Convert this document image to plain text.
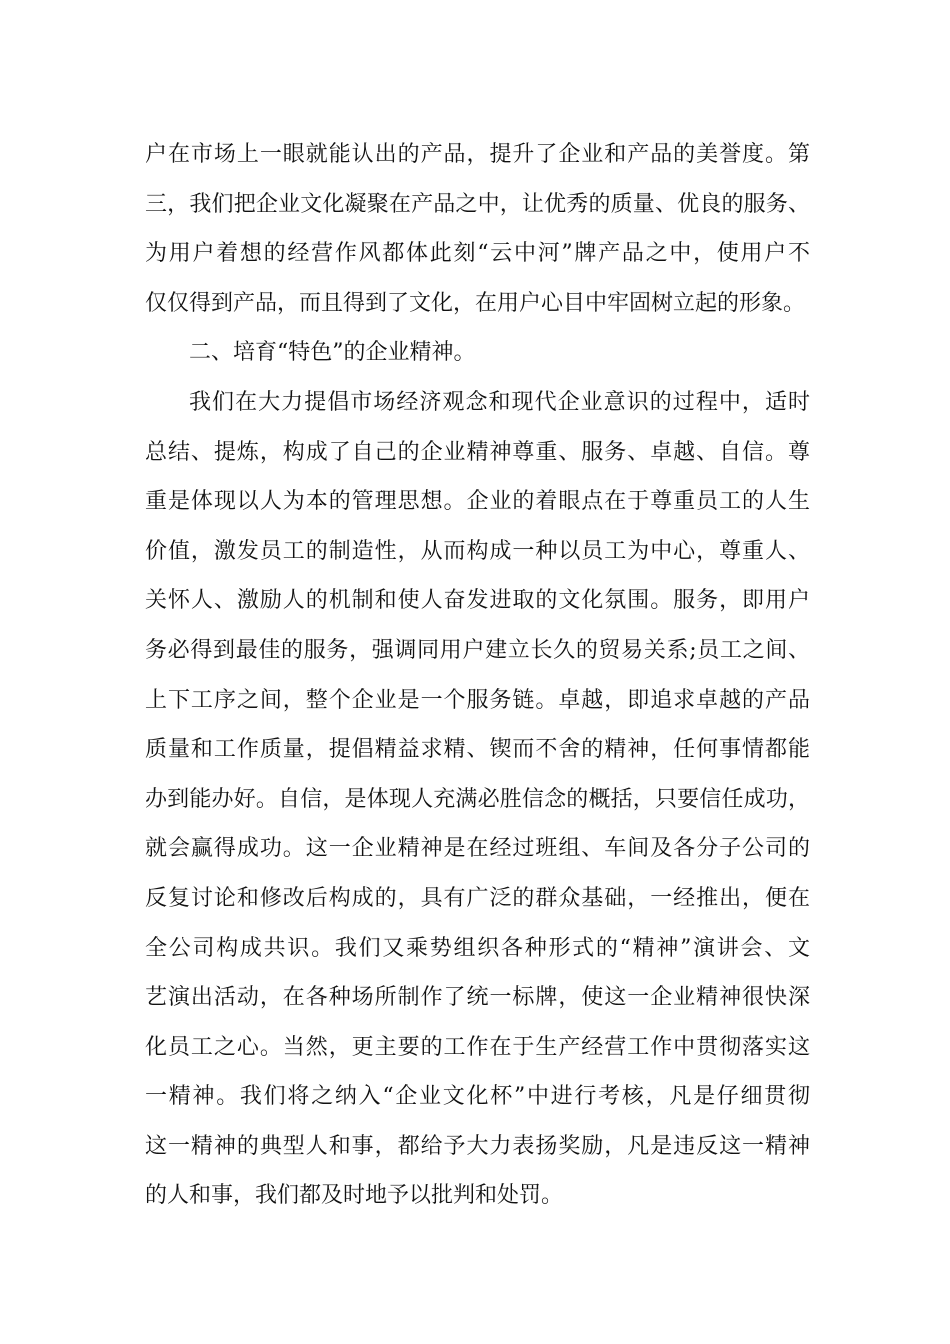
户在市场上一眼就能认出的产品，提升了企业和产品的美誉度。第
三，我们把企业文化凝聚在产品之中，让优秀的质量、优良的服务、
为用户着想的经营作风都体此刻“云中河”牌产品之中，使用户不
仅仅得到产品，而且得到了文化，在用户心目中牢固树立起的形象。
二、培育“特色”的企业精神。
我们在大力提倡市场经济观念和现代企业意识的过程中，适时
总结、提炼，构成了自己的企业精神尊重、服务、卓越、自信。尊
重是体现以人为本的管理思想。企业的着眼点在于尊重员工的人生
价值，激发员工的制造性，从而构成一种以员工为中心，尊重人、
关怀人、激励人的机制和使人奋发进取的文化氛围。服务，即用户
务必得到最佳的服务，强调同用户建立长久的贸易关系;员工之间、
上下工序之间，整个企业是一个服务链。卓越，即追求卓越的产品
质量和工作质量，提倡精益求精、锲而不舍的精神，任何事情都能
办到能办好。自信，是体现人充满必胜信念的概括，只要信任成功，
就会赢得成功。这一企业精神是在经过班组、车间及各分子公司的
反复讨论和修改后构成的，具有广泛的群众基础，一经推出，便在
全公司构成共识。我们又乘势组织各种形式的“精神”演讲会、文
艺演出活动，在各种场所制作了统一标牌，使这一企业精神很快深
化员工之心。当然，更主要的工作在于生产经营工作中贯彻落实这
一精神。我们将之纳入“企业文化杯”中进行考核，凡是仔细贯彻
这一精神的典型人和事，都给予大力表扬奖励，凡是违反这一精神
的人和事，我们都及时地予以批判和处罚。
